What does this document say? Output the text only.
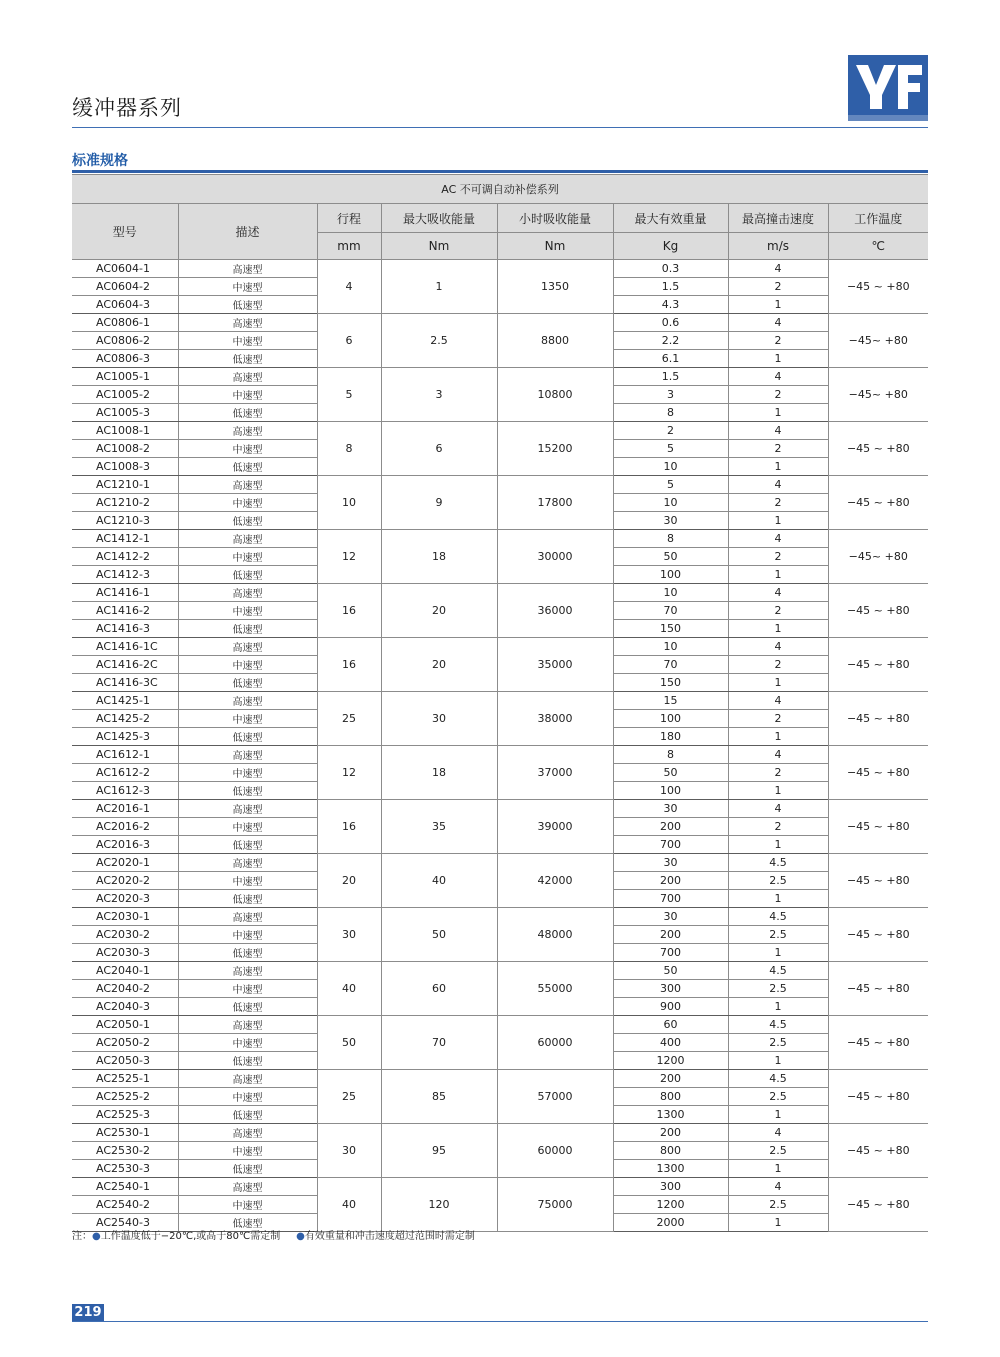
缓冲器系列
标准规格
AC 不可调自动补偿系列							
型号	描述	行程	最大吸收能量	小时吸收能量	最大有效重量	最高撞击速度	工作温度
		mm	Nm	Nm	Kg	m/s	℃
AC0604-1	高速型	4	1	1350	0.3	4	−45 ~ +80
AC0604-2	中速型				1.5	2	
AC0604-3	低速型				4.3	1	
AC0806-1	高速型	6	2.5	8800	0.6	4	−45~ +80
AC0806-2	中速型				2.2	2	
AC0806-3	低速型				6.1	1	
AC1005-1	高速型	5	3	10800	1.5	4	−45~ +80
AC1005-2	中速型				3	2	
AC1005-3	低速型				8	1	
AC1008-1	高速型	8	6	15200	2	4	−45 ~ +80
AC1008-2	中速型				5	2	
AC1008-3	低速型				10	1	
AC1210-1	高速型	10	9	17800	5	4	−45 ~ +80
AC1210-2	中速型				10	2	
AC1210-3	低速型				30	1	
AC1412-1	高速型	12	18	30000	8	4	−45~ +80
AC1412-2	中速型				50	2	
AC1412-3	低速型				100	1	
AC1416-1	高速型	16	20	36000	10	4	−45 ~ +80
AC1416-2	中速型				70	2	
AC1416-3	低速型				150	1	
AC1416-1C	高速型	16	20	35000	10	4	−45 ~ +80
AC1416-2C	中速型				70	2	
AC1416-3C	低速型				150	1	
AC1425-1	高速型	25	30	38000	15	4	−45 ~ +80
AC1425-2	中速型				100	2	
AC1425-3	低速型				180	1	
AC1612-1	高速型	12	18	37000	8	4	−45 ~ +80
AC1612-2	中速型				50	2	
AC1612-3	低速型				100	1	
AC2016-1	高速型	16	35	39000	30	4	−45 ~ +80
AC2016-2	中速型				200	2	
AC2016-3	低速型				700	1	
AC2020-1	高速型	20	40	42000	30	4.5	−45 ~ +80
AC2020-2	中速型				200	2.5	
AC2020-3	低速型				700	1	
AC2030-1	高速型	30	50	48000	30	4.5	−45 ~ +80
AC2030-2	中速型				200	2.5	
AC2030-3	低速型				700	1	
AC2040-1	高速型	40	60	55000	50	4.5	−45 ~ +80
AC2040-2	中速型				300	2.5	
AC2040-3	低速型				900	1	
AC2050-1	高速型	50	70	60000	60	4.5	−45 ~ +80
AC2050-2	中速型				400	2.5	
AC2050-3	低速型				1200	1	
AC2525-1	高速型	25	85	57000	200	4.5	−45 ~ +80
AC2525-2	中速型				800	2.5	
AC2525-3	低速型				1300	1	
AC2530-1	高速型	30	95	60000	200	4	−45 ~ +80
AC2530-2	中速型				800	2.5	
AC2530-3	低速型				1300	1	
AC2540-1	高速型	40	120	75000	300	4	−45 ~ +80
AC2540-2	中速型				1200	2.5	
AC2540-3	低速型				2000	1	
注：●工作温度低于−20℃,或高于80℃需定制 ●有效重量和冲击速度超过范围时需定制
219
